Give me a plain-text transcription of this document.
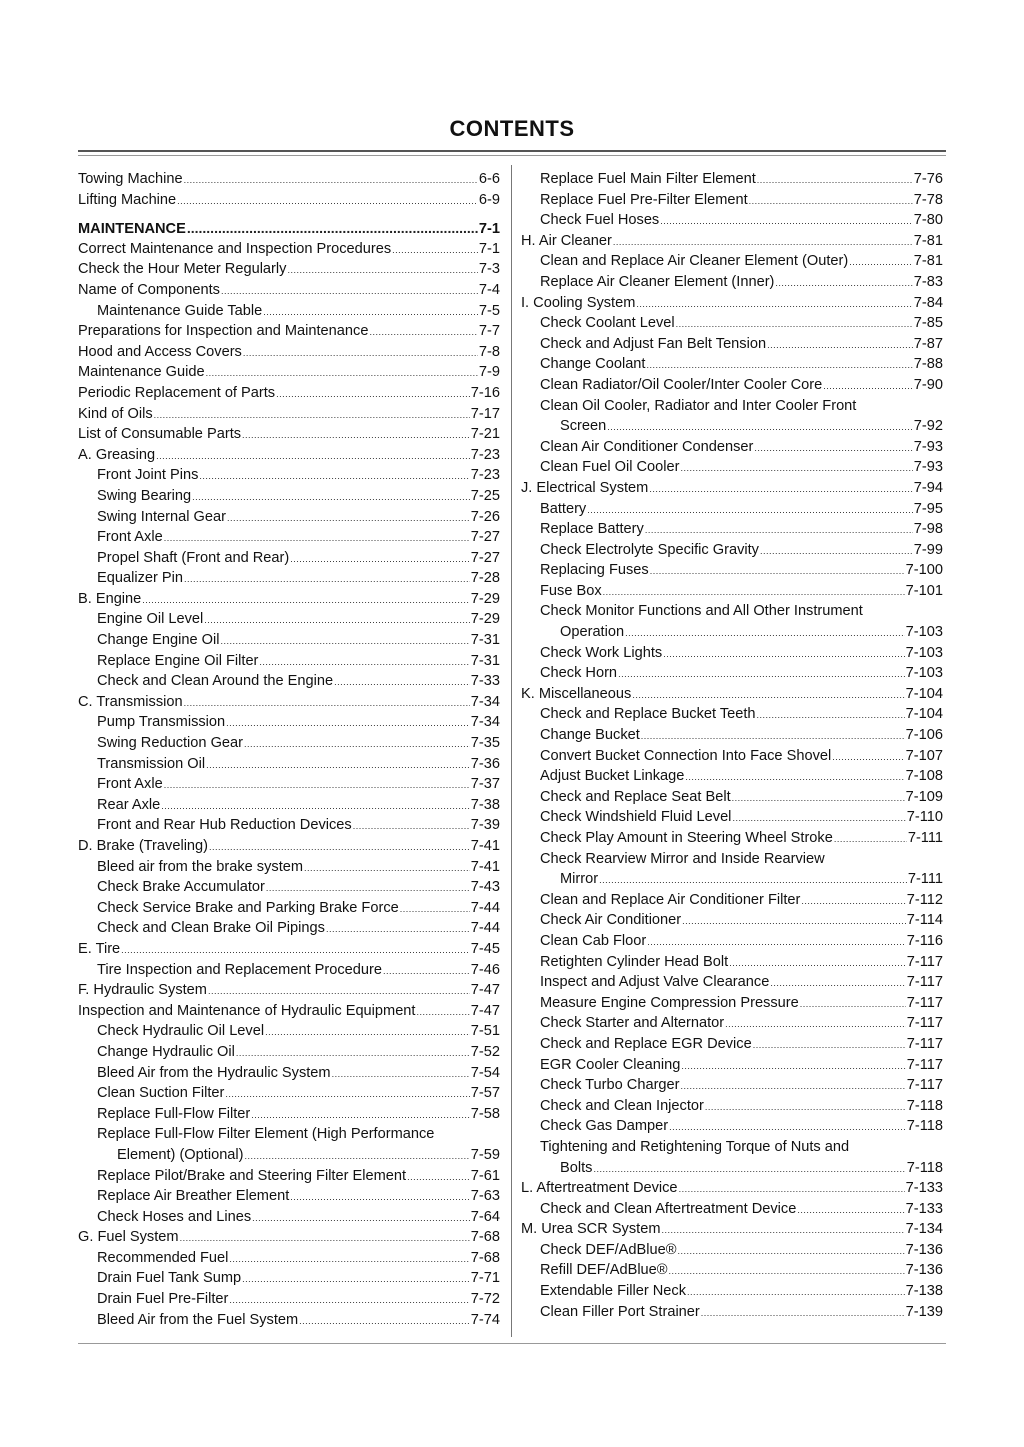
CONTENTS
Towing Machine .....	6-6
Lifting Machine .....	6-9
MAINTENANCE .....	7-1
Correct Maintenance and Inspection Procedures .....	7-1
Check the Hour Meter Regularly .....	7-3
Name of Components .....	7-4
Maintenance Guide Table .....	7-5
Preparations for Inspection and Maintenance .....	7-7
Hood and Access Covers .....	7-8
Maintenance Guide .....	7-9
Periodic Replacement of Parts .....	7-16
Kind of Oils .....	7-17
List of Consumable Parts .....	7-21
A. Greasing .....	7-23
Front Joint Pins .....	7-23
Swing Bearing .....	7-25
Swing Internal Gear .....	7-26
Front Axle .....	7-27
Propel Shaft (Front and Rear) .....	7-27
Equalizer Pin .....	7-28
B. Engine .....	7-29
Engine Oil Level .....	7-29
Change Engine Oil .....	7-31
Replace Engine Oil Filter .....	7-31
Check and Clean Around the Engine .....	7-33
C. Transmission .....	7-34
Pump Transmission .....	7-34
Swing Reduction Gear .....	7-35
Transmission Oil .....	7-36
Front Axle .....	7-37
Rear Axle .....	7-38
Front and Rear Hub Reduction Devices .....	7-39
D. Brake (Traveling) .....	7-41
Bleed air from the brake system .....	7-41
Check Brake Accumulator .....	7-43
Check Service Brake and Parking Brake Force .....	7-44
Check and Clean Brake Oil Pipings .....	7-44
E. Tire .....	7-45
Tire Inspection and Replacement Procedure .....	7-46
F. Hydraulic System .....	7-47
Inspection and Maintenance of Hydraulic Equipment .....	7-47
Check Hydraulic Oil Level .....	7-51
Change Hydraulic Oil .....	7-52
Bleed Air from the Hydraulic System .....	7-54
Clean Suction Filter .....	7-57
Replace Full-Flow Filter .....	7-58
Replace Full-Flow Filter Element (High Performance
Element) (Optional) .....	7-59
Replace Pilot/Brake and Steering Filter Element .....	7-61
Replace Air Breather Element .....	7-63
Check Hoses and Lines .....	7-64
G. Fuel System .....	7-68
Recommended Fuel .....	7-68
Drain Fuel Tank Sump .....	7-71
Drain Fuel Pre-Filter .....	7-72
Bleed Air from the Fuel System .....	7-74
Replace Fuel Main Filter Element .....	7-76
Replace Fuel Pre-Filter Element .....	7-78
Check Fuel Hoses .....	7-80
H. Air Cleaner .....	7-81
Clean and Replace Air Cleaner Element (Outer) .....	7-81
Replace Air Cleaner Element (Inner) .....	7-83
I. Cooling System .....	7-84
Check Coolant Level .....	7-85
Check and Adjust Fan Belt Tension .....	7-87
Change Coolant .....	7-88
Clean Radiator/Oil Cooler/Inter Cooler Core .....	7-90
Clean Oil Cooler, Radiator and Inter Cooler Front
Screen .....	7-92
Clean Air Conditioner Condenser .....	7-93
Clean Fuel Oil Cooler .....	7-93
J. Electrical System .....	7-94
Battery .....	7-95
Replace Battery .....	7-98
Check Electrolyte Specific Gravity .....	7-99
Replacing Fuses .....	7-100
Fuse Box .....	7-101
Check Monitor Functions and All Other Instrument
Operation .....	7-103
Check Work Lights .....	7-103
Check Horn .....	7-103
K. Miscellaneous .....	7-104
Check and Replace Bucket Teeth .....	7-104
Change Bucket .....	7-106
Convert Bucket Connection Into Face Shovel .....	7-107
Adjust Bucket Linkage .....	7-108
Check and Replace Seat Belt .....	7-109
Check Windshield Fluid Level .....	7-110
Check Play Amount in Steering Wheel Stroke .....	7-111
Check Rearview Mirror and Inside Rearview
Mirror .....	7-111
Clean and Replace Air Conditioner Filter .....	7-112
Check Air Conditioner .....	7-114
Clean Cab Floor .....	7-116
Retighten Cylinder Head Bolt .....	7-117
Inspect and Adjust Valve Clearance .....	7-117
Measure Engine Compression Pressure .....	7-117
Check Starter and Alternator .....	7-117
Check and Replace EGR Device .....	7-117
EGR Cooler Cleaning .....	7-117
Check Turbo Charger .....	7-117
Check and Clean Injector .....	7-118
Check Gas Damper .....	7-118
Tightening and Retightening Torque of Nuts and
Bolts .....	7-118
L. Aftertreatment Device .....	7-133
Check and Clean Aftertreatment Device .....	7-133
M. Urea SCR System .....	7-134
Check DEF/AdBlue® .....	7-136
Refill DEF/AdBlue® .....	7-136
Extendable Filler Neck .....	7-138
Clean Filler Port Strainer .....	7-139
